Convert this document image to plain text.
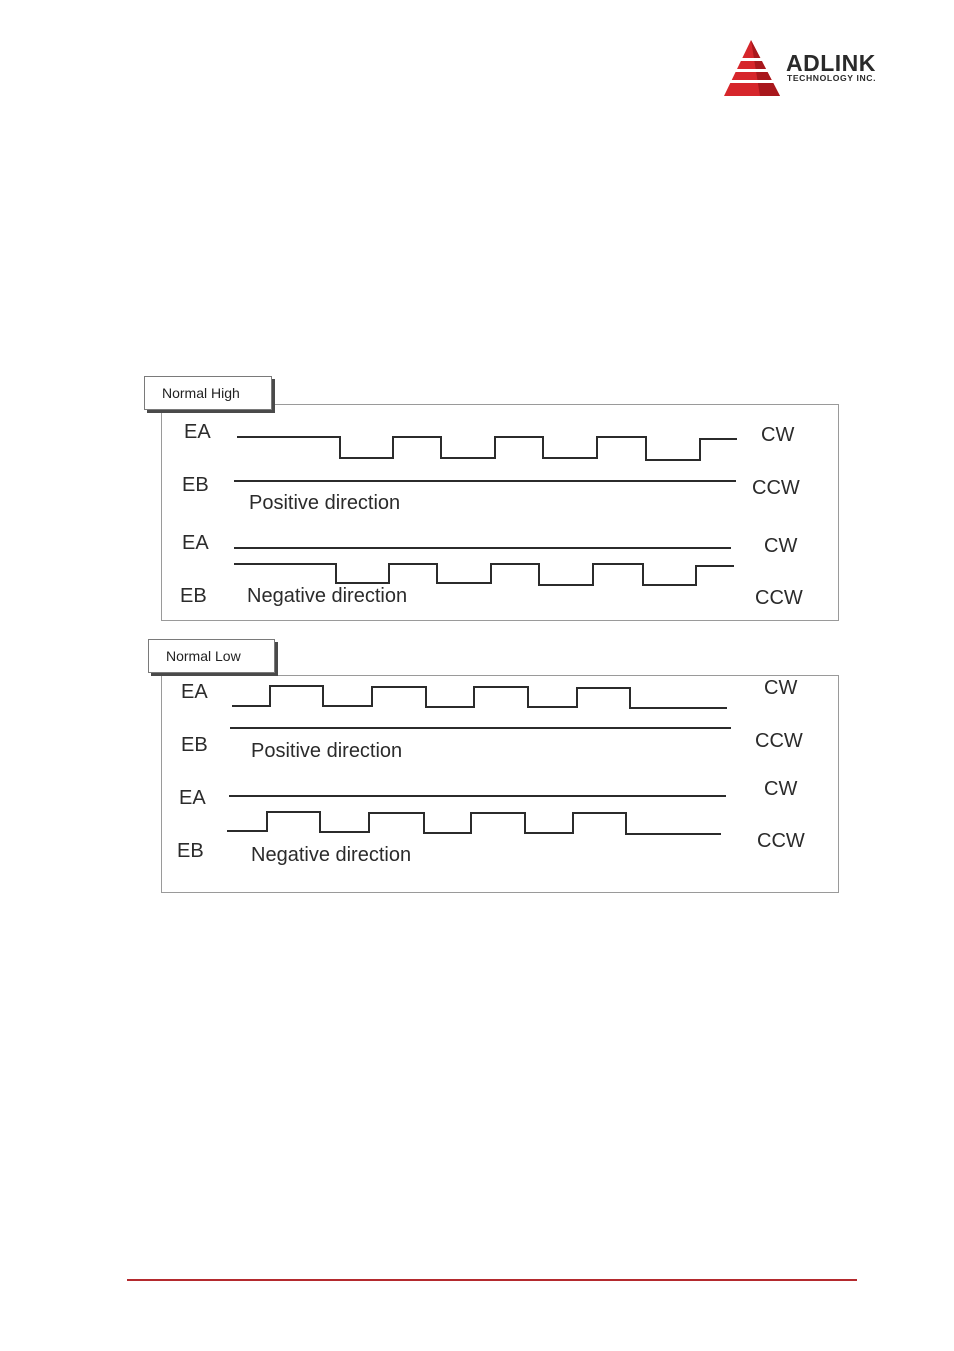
ADLINK
TECHNOLOGY INC.
Normal High
Normal Low
EA	CW
EB	CCW
Positive direction
EA	CW
EB	CCW
Negative direction
EA	CW
EB	CCW
Positive direction
EA	CW
EB	CCW
Negative direction
